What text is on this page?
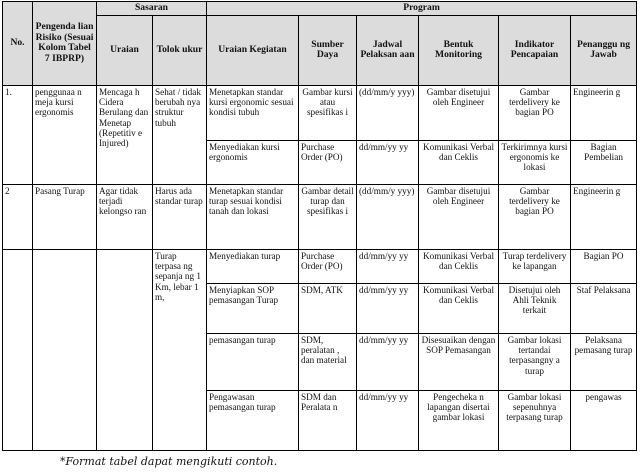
No.	Pengenda lian Risiko (Sesuai Kolom Tabel 7 IBPRP)	Sasaran		Program					
		Uraian	Tolok ukur	Uraian Kegiatan	Sumber Daya	Jadwal Pelaksan aan	Bentuk Monitoring	Indikator Pencapaian	Penanggu ng Jawab
1.	penggunaa n meja kursi ergonomis	Mencaga h Cidera Berulang dan Menetap (Repetitiv e Injured)	Sehat / tidak berubah nya struktur tubuh	Menetapkan standar kursi ergonomic sesuai kondisi tubuh	Gambar kursi atau spesifikas i	(dd/mm/y yyy)	Gambar disetujui oleh Engineer	Gambar terdelivery ke bagian PO	Engineerin g
				Menyediakan kursi ergonomis	Purchase Order (PO)	dd/mm/yy yy	Komunikasi Verbal dan Ceklis	Terkirimnya kursi ergonomis ke lokasi	Bagian Pembelian
2	Pasang Turap	Agar tidak terjadi kelongso ran	Harus ada standar turap	Menetapkan standar turap sesuai kondisi tanah dan lokasi	Gambar detail turap dan spesifikas i	(dd/mm/y yyy)	Gambar disetujui oleh Engineer	Gambar terdelivery ke bagian PO	Engineerin g
			Turap terpasa ng sepanja ng 1 Km, lebar 1 m,	Menyediakan turap	Purchase Order (PO)	dd/mm/yy yy	Komunikasi Verbal dan Ceklis	Turap terdelivery ke lapangan	Bagian PO
				Menyiapkan SOP pemasangan Turap	SDM, ATK	dd/mm/yy yy	Komunikasi Verbal dan Ceklis	Disetujui oleh Ahli Teknik terkait	Staf Pelaksana
				pemasangan turap	SDM, peralatan , dan material	dd/mm/yy yy	Disesuaikan dengan SOP Pemasangan	Gambar lokasi tertandai terpasangny a turap	Pelaksana pemasang turap
				Pengawasan pemasangan turap	SDM dan Peralata n	dd/mm/yy yy	Pengecheka n lapangan disertai gambar lokasi	Gambar lokasi sepenuhnya terpasang turap	pengawas
*Format tabel dapat mengikuti contoh.
